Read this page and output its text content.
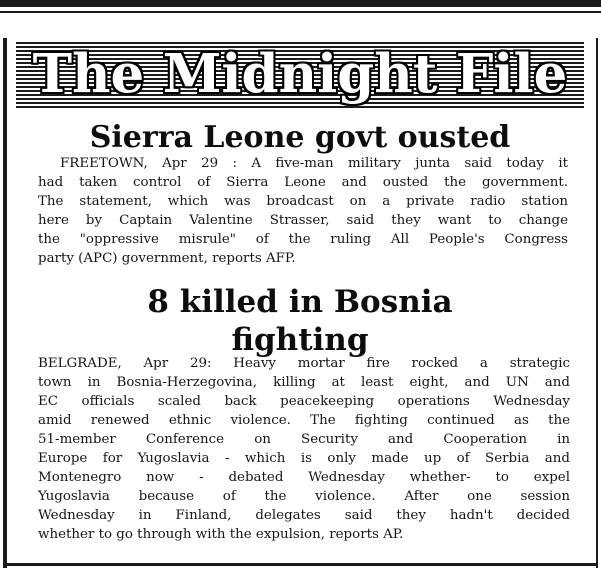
The Midnight File
Sierra Leone govt ousted
FREETOWN, Apr 29 : A five-man military junta said today it
had taken control of Sierra Leone and ousted the government.
The statement, which was broadcast on a private radio station
here by Captain Valentine Strasser, said they want to change
the "oppressive misrule" of the ruling All People's Congress
party (APC) government, reports AFP.
8 killed in Bosnia
fighting
BELGRADE, Apr 29: Heavy mortar fire rocked a strategic
town in Bosnia-Herzegovina, killing at least eight, and UN and
EC officials scaled back peacekeeping operations Wednesday
amid renewed ethnic violence. The fighting continued as the
51-member Conference on Security and Cooperation in
Europe for Yugoslavia - which is only made up of Serbia and
Montenegro now - debated Wednesday whether- to expel
Yugoslavia because of the violence. After one session
Wednesday in Finland, delegates said they hadn't decided
whether to go through with the expulsion, reports AP.
